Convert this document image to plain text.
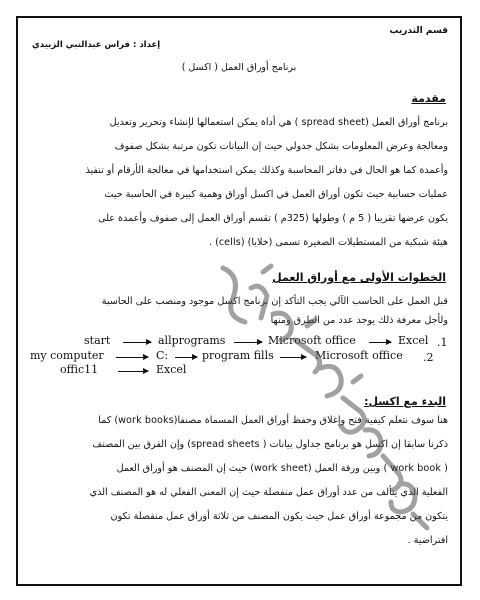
قسم التدريب
إعداد : فراس عبدالنبي الزبيدي
برنامج أوراق العمل ( اكسل )
مقدمة
برنامج أوراق العمل (spread sheet ) هي أداة يمكن استعمالها لإنشاء وتحرير وتعديل
ومعالجة وعرض المعلومات بشكل جدولي حيث إن البيانات تكون مرتبة بشكل صفوف
وأعمدة كما هو الحال في دفاتر المحاسبة وكذلك يمكن استخدامها في معالجة الأرقام أو تنفيذ
عمليات حسابية حيث تكون أوراق العمل في اكسل أوراق وهمية كبيرة في الحاسبة حيث
يكون عرضها تقريبا ( 5 م ) وطولها (325م ) تقسم أوراق العمل إلى صفوف وأعمدة على
هيئة شبكية من المستطيلات الصغيرة تسمى (خلايا) (cells) .
الخطوات الأولى مع أوراق العمل
قبل العمل على الحاسب الآلي يجب التأكد إن برنامج اكسل موجود ومنصب على الحاسبة
ولأجل معرفة ذلك يوجد عدد من الطرق ومنها
start	allprograms	Microsoft office	Excel .1
my computer	C:	program fills	Microsoft office .2
offic11	Excel
البدء مع اكسل:
هنا سوف نتعلم كيفية فتح وإغلاق وحفظ أوراق العمل المسماة مصنفا(work books) كما
ذكرنا سابقا إن اكسل هو برنامج جداول بيانات ( spread sheets) وإن الفرق بين المصنف
( work book ) وبين ورقة العمل (work sheet) حيث إن المصنف هو أوراق العمل
الفعلية الذي يتألف من عدد أوراق عمل منفصلة حيث إن المعنى الفعلي له هو المصنف الذي
يتكون من مجموعة أوراق عمل حيث يكون المصنف من ثلاثة أوراق عمل منفصلة تكون
افتراضية .
